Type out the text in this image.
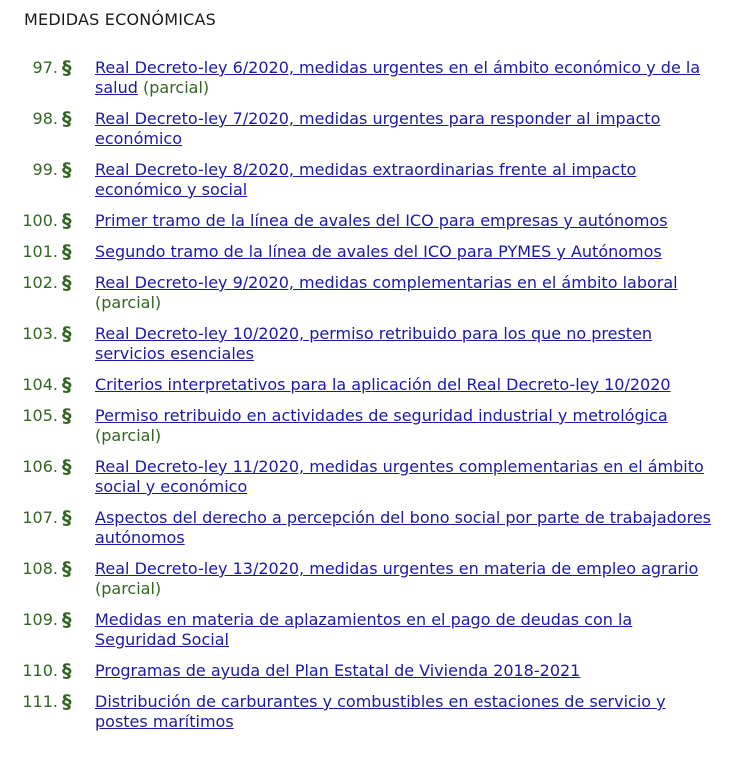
MEDIDAS ECONÓMICAS
97. §	Real Decreto-ley 6/2020, medidas urgentes en el ámbito económico y de la salud (parcial)
98. §	Real Decreto-ley 7/2020, medidas urgentes para responder al impacto económico
99. §	Real Decreto-ley 8/2020, medidas extraordinarias frente al impacto económico y social
100. §	Primer tramo de la línea de avales del ICO para empresas y autónomos
101. §	Segundo tramo de la línea de avales del ICO para PYMES y Autónomos
102. §	Real Decreto-ley 9/2020, medidas complementarias en el ámbito laboral (parcial)
103. §	Real Decreto-ley 10/2020, permiso retribuido para los que no presten servicios esenciales
104. §	Criterios interpretativos para la aplicación del Real Decreto-ley 10/2020
105. §	Permiso retribuido en actividades de seguridad industrial y metrológica (parcial)
106. §	Real Decreto-ley 11/2020, medidas urgentes complementarias en el ámbito social y económico
107. §	Aspectos del derecho a percepción del bono social por parte de trabajadores autónomos
108. §	Real Decreto-ley 13/2020, medidas urgentes en materia de empleo agrario (parcial)
109. §	Medidas en materia de aplazamientos en el pago de deudas con la Seguridad Social
110. §	Programas de ayuda del Plan Estatal de Vivienda 2018-2021
111. §	Distribución de carburantes y combustibles en estaciones de servicio y postes marítimos
